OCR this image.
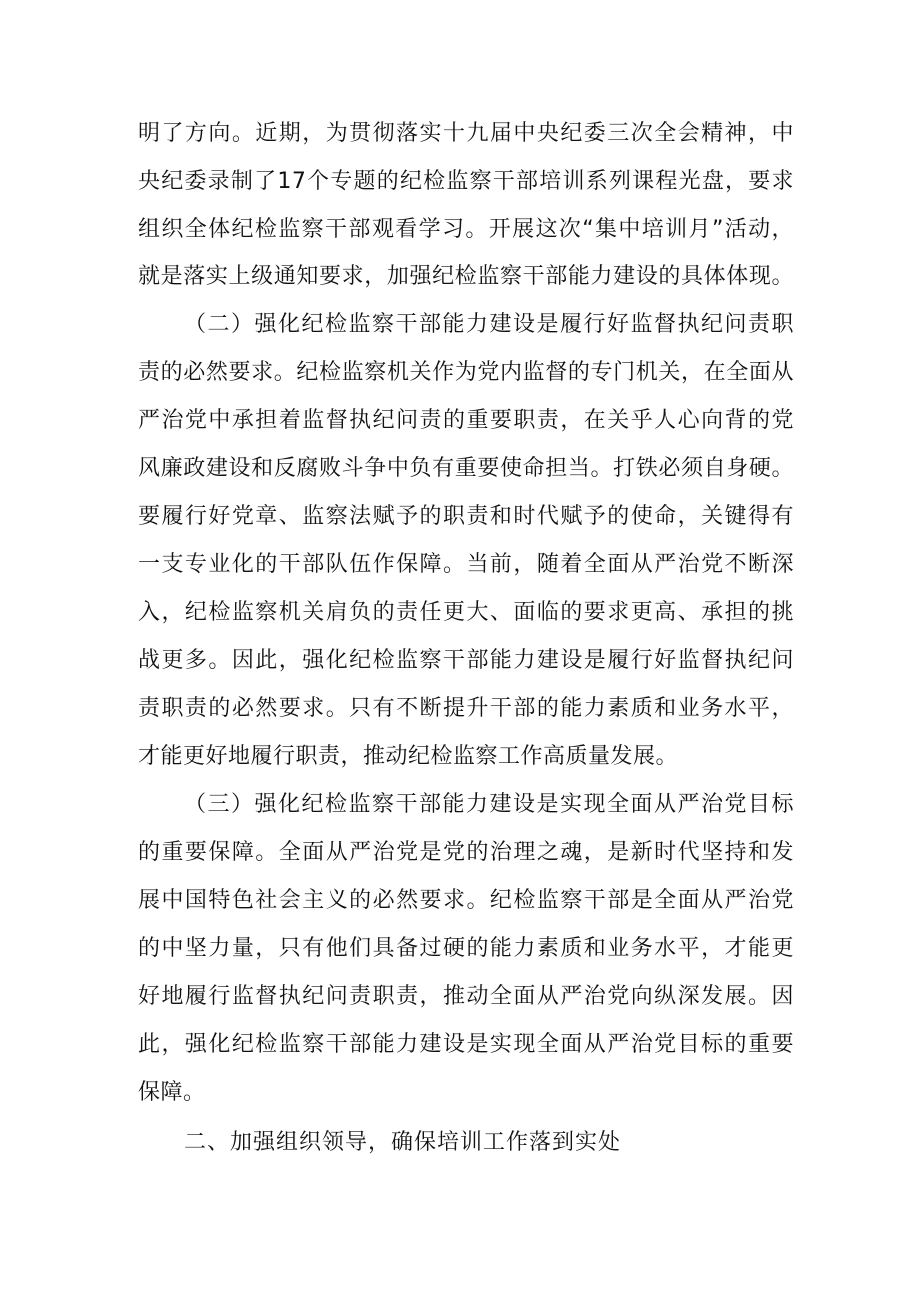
明了方向。近期，为贯彻落实十九届中央纪委三次全会精神，中
央纪委录制了17个专题的纪检监察干部培训系列课程光盘，要求
组织全体纪检监察干部观看学习。开展这次“集中培训月”活动，
就是落实上级通知要求，加强纪检监察干部能力建设的具体体现。
（二）强化纪检监察干部能力建设是履行好监督执纪问责职
责的必然要求。纪检监察机关作为党内监督的专门机关，在全面从
严治党中承担着监督执纪问责的重要职责，在关乎人心向背的党
风廉政建设和反腐败斗争中负有重要使命担当。打铁必须自身硬。
要履行好党章、监察法赋予的职责和时代赋予的使命，关键得有
一支专业化的干部队伍作保障。当前，随着全面从严治党不断深
入，纪检监察机关肩负的责任更大、面临的要求更高、承担的挑
战更多。因此，强化纪检监察干部能力建设是履行好监督执纪问
责职责的必然要求。只有不断提升干部的能力素质和业务水平，
才能更好地履行职责，推动纪检监察工作高质量发展。
（三）强化纪检监察干部能力建设是实现全面从严治党目标
的重要保障。全面从严治党是党的治理之魂，是新时代坚持和发
展中国特色社会主义的必然要求。纪检监察干部是全面从严治党
的中坚力量，只有他们具备过硬的能力素质和业务水平，才能更
好地履行监督执纪问责职责，推动全面从严治党向纵深发展。因
此，强化纪检监察干部能力建设是实现全面从严治党目标的重要
保障。
二、加强组织领导，确保培训工作落到实处
